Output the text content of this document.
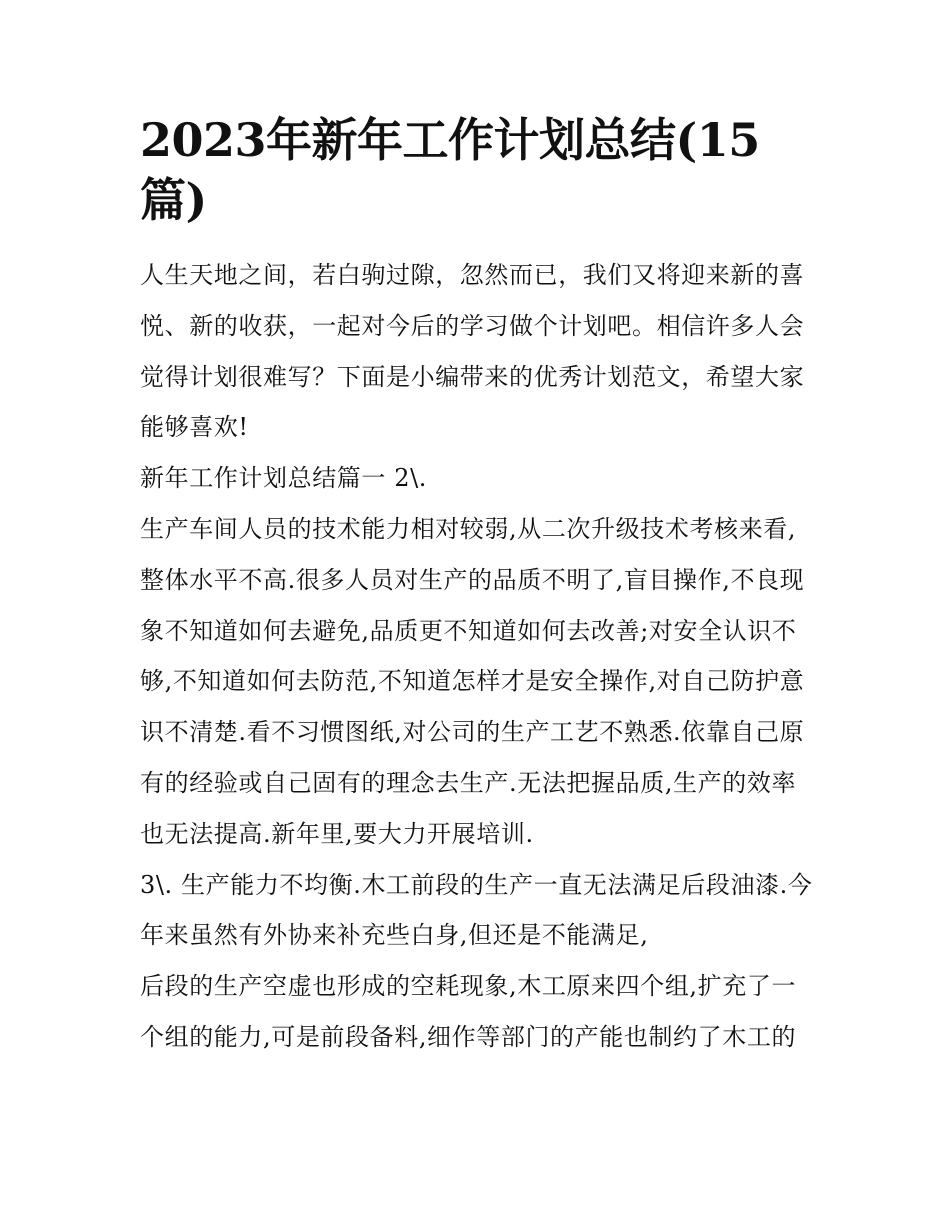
2023年新年工作计划总结(15篇)

人生天地之间，若白驹过隙，忽然而已，我们又将迎来新的喜悦、新的收获，一起对今后的学习做个计划吧。相信许多人会觉得计划很难写？下面是小编带来的优秀计划范文，希望大家能够喜欢!

新年工作计划总结篇一 2\.

生产车间人员的技术能力相对较弱,从二次升级技术考核来看,整体水平不高.很多人员对生产的品质不明了,盲目操作,不良现象不知道如何去避免,品质更不知道如何去改善;对安全认识不够,不知道如何去防范,不知道怎样才是安全操作,对自己防护意识不清楚.看不习惯图纸,对公司的生产工艺不熟悉.依靠自己原有的经验或自己固有的理念去生产.无法把握品质,生产的效率也无法提高.新年里,要大力开展培训.

3\. 生产能力不均衡.木工前段的生产一直无法满足后段油漆.今年来虽然有外协来补充些白身,但还是不能满足,

后段的生产空虚也形成的空耗现象,木工原来四个组,扩充了一个组的能力,可是前段备料,细作等部门的产能也制约了木工的
